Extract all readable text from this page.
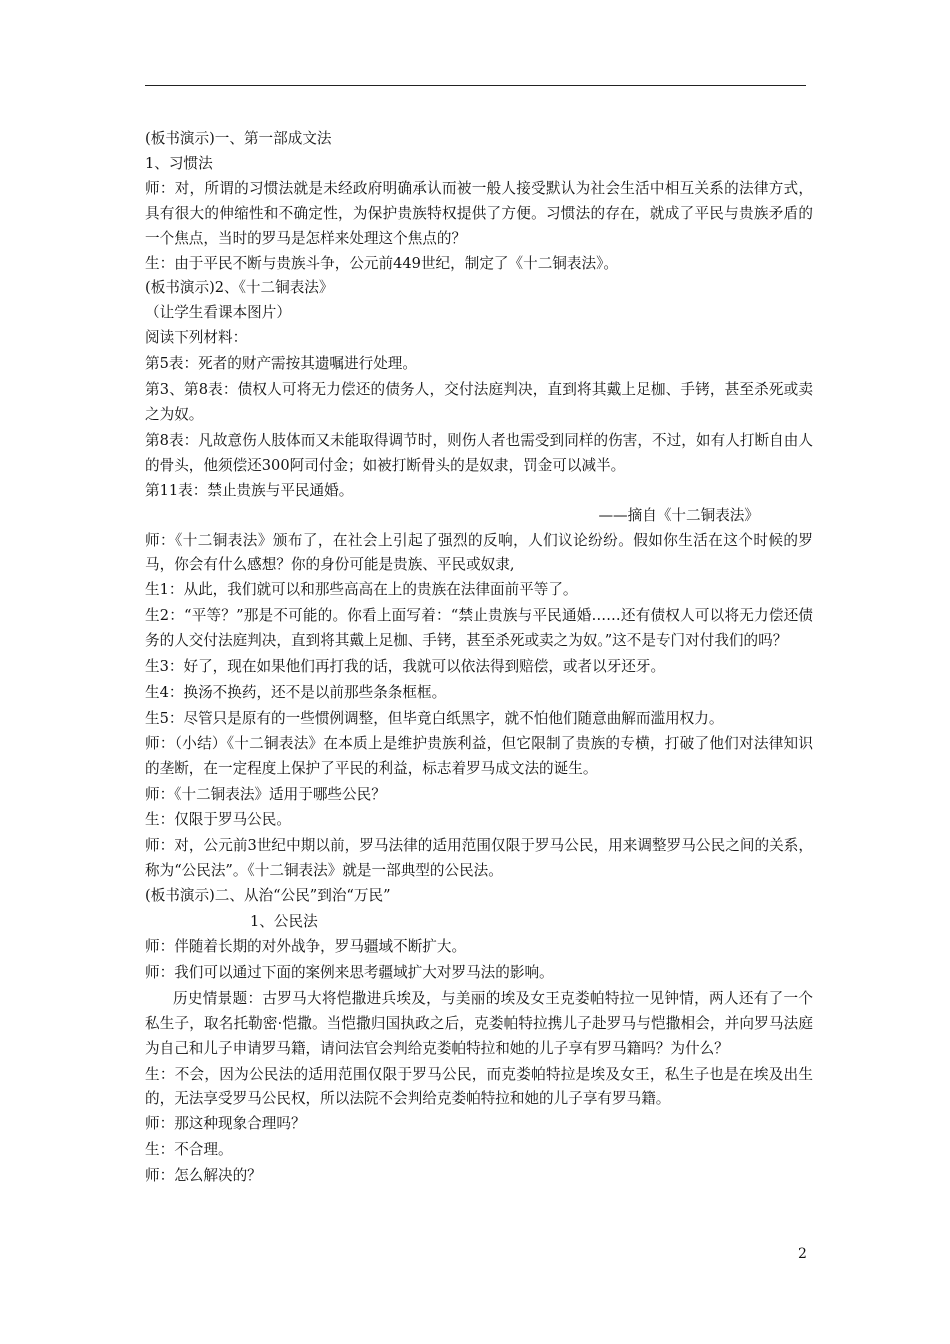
(板书演示)一、第一部成文法

1、习惯法

师：对，所谓的习惯法就是未经政府明确承认而被一般人接受默认为社会生活中相互关系的法律方式，具有很大的伸缩性和不确定性，为保护贵族特权提供了方便。习惯法的存在，就成了平民与贵族矛盾的一个焦点，当时的罗马是怎样来处理这个焦点的？

生：由于平民不断与贵族斗争，公元前449世纪，制定了《十二铜表法》。

(板书演示)2、《十二铜表法》

（让学生看课本图片）

阅读下列材料：

第5表：死者的财产需按其遗嘱进行处理。

第3、第8表：债权人可将无力偿还的债务人，交付法庭判决，直到将其戴上足枷、手铐，甚至杀死或卖之为奴。

第8表：凡故意伤人肢体而又未能取得调节时，则伤人者也需受到同样的伤害，不过，如有人打断自由人的骨头，他须偿还300阿司付金；如被打断骨头的是奴隶，罚金可以减半。

第11表：禁止贵族与平民通婚。

——摘自《十二铜表法》

师：《十二铜表法》颁布了，在社会上引起了强烈的反响，人们议论纷纷。假如你生活在这个时候的罗马，你会有什么感想？你的身份可能是贵族、平民或奴隶,

生1：从此，我们就可以和那些高高在上的贵族在法律面前平等了。

生2：“平等？”那是不可能的。你看上面写着：“禁止贵族与平民通婚……还有债权人可以将无力偿还债务的人交付法庭判决，直到将其戴上足枷、手铐，甚至杀死或卖之为奴。”这不是专门对付我们的吗？

生3：好了，现在如果他们再打我的话，我就可以依法得到赔偿，或者以牙还牙。

生4：换汤不换药，还不是以前那些条条框框。

生5：尽管只是原有的一些惯例调整，但毕竟白纸黑字，就不怕他们随意曲解而滥用权力。

师：（小结）《十二铜表法》在本质上是维护贵族利益，但它限制了贵族的专横，打破了他们对法律知识的垄断，在一定程度上保护了平民的利益，标志着罗马成文法的诞生。

师：《十二铜表法》适用于哪些公民？

生：仅限于罗马公民。

师：对，公元前3世纪中期以前，罗马法律的适用范围仅限于罗马公民，用来调整罗马公民之间的关系，称为“公民法”。《十二铜表法》就是一部典型的公民法。

(板书演示)二、从治“公民”到治“万民”

1、公民法

师：伴随着长期的对外战争，罗马疆域不断扩大。

师：我们可以通过下面的案例来思考疆域扩大对罗马法的影响。

历史情景题：古罗马大将恺撒进兵埃及，与美丽的埃及女王克娄帕特拉一见钟情，两人还有了一个私生子，取名托勒密·恺撒。当恺撒归国执政之后，克娄帕特拉携儿子赴罗马与恺撒相会，并向罗马法庭为自己和儿子申请罗马籍，请问法官会判给克娄帕特拉和她的儿子享有罗马籍吗？为什么？

生：不会，因为公民法的适用范围仅限于罗马公民，而克娄帕特拉是埃及女王，私生子也是在埃及出生的，无法享受罗马公民权，所以法院不会判给克娄帕特拉和她的儿子享有罗马籍。

师：那这种现象合理吗？

生：不合理。

师：怎么解决的？

2
